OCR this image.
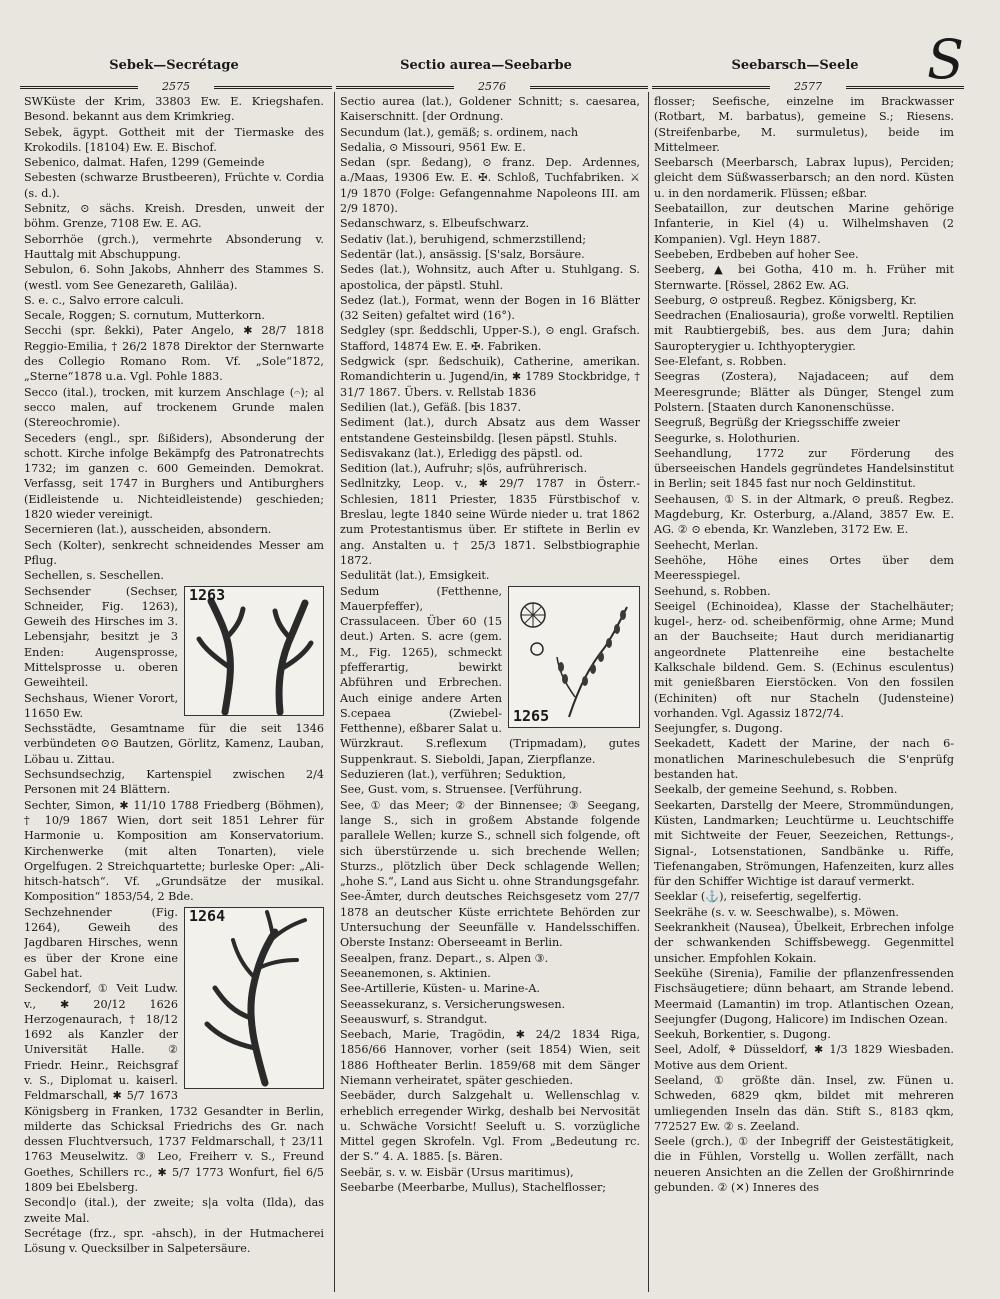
Sebek—Secrétage	Sectio aurea—Seebarbe	Seebarsch—Seele	S
2575	2576	2577

SWKüste der Krim, 33803 Ew. E. Kriegshafen. Besond. bekannt aus dem Krimkrieg.

Sebek, ägypt. Gottheit mit der Tiermaske des Krokodils. [18104) Ew. E. Bischof.

Sebenico, dalmat. Hafen, 1299 (Gemeinde

Sebesten (schwarze Brustbeeren), Früchte v. Cordia (s. d.).

Sebnitz, ⊙ sächs. Kreish. Dresden, unweit der böhm. Grenze, 7108 Ew. E. AG.

Seborrhöe (grch.), vermehrte Absonderung v. Hauttalg mit Abschuppung.

Sebulon, 6. Sohn Jakobs, Ahnherr des Stammes S.(westl. vom See Genezareth, Galiläa).

S. e. c., Salvo errore calculi.

Secale, Roggen; S. cornutum, Mutterkorn.

Secchi (spr. ßekki), Pater Angelo, ✱ 28/7 1818 Reggio-Emilia, † 26/2 1878 Direktor der Sternwarte des Collegio Romano Rom. Vf. „Sole“1872, „Sterne“1878 u.a. Vgl. Pohle 1883.

Secco (ital.), trocken, mit kurzem Anschlage (𝄐); al secco malen, auf trockenem Grunde malen (Stereochromie).

Seceders (engl., spr. ßißiders), Absonderung der schott. Kirche infolge Bekämpfg des Patronatrechts 1732; im ganzen c. 600 Gemeinden. Demokrat. Verfassg, seit 1747 in Burghers und Antiburghers (Eidleistende u. Nichteidleistende) geschieden; 1820 wieder vereinigt.

Secernieren (lat.), ausscheiden, absondern.

Sech (Kolter), senkrecht schneidendes Messer am Pflug.

Sechellen, s. Seschellen.

1263

Sechsender (Sechser, Schneider, Fig. 1263), Geweih des Hirsches im 3. Lebensjahr, besitzt je 3 Enden: Augensprosse, Mittelsprosse u. oberen Geweihteil.

Sechshaus, Wiener Vorort, 11650 Ew.

Sechsstädte, Gesamtname für die seit 1346 verbündeten ⊙⊙ Bautzen, Görlitz, Kamenz, Lauban, Löbau u. Zittau.

Sechsundsechzig, Kartenspiel zwischen 2/4 Personen mit 24 Blättern.

Sechter, Simon, ✱ 11/10 1788 Friedberg (Böhmen), † 10/9 1867 Wien, dort seit 1851 Lehrer für Harmonie u. Komposition am Konservatorium. Kirchenwerke (mit alten Tonarten), viele Orgelfugen. 2 Streichquartette; burleske Oper: „Ali-hitsch-hatsch“. Vf. „Grundsätze der musikal. Komposition“ 1853/54, 2 Bde.

1264

Sechzehnender (Fig. 1264), Geweih des Jagdbaren Hirsches, wenn es über der Krone eine Gabel hat.

Seckendorf, ① Veit Ludw. v., ✱ 20/12 1626 Herzogenaurach, † 18/12 1692 als Kanzler der Universität Halle. ② Friedr. Heinr., Reichsgraf v. S., Diplomat u. kaiserl. Feldmarschall, ✱ 5/7 1673 Königsberg in Franken, 1732 Gesandter in Berlin, milderte das Schicksal Friedrichs des Gr. nach dessen Fluchtversuch, 1737 Feldmarschall, † 23/11 1763 Meuselwitz. ③ Leo, Freiherr v. S., Freund Goethes, Schillers rc., ✱ 5/7 1773 Wonfurt, fiel 6/5 1809 bei Ebelsberg.

Second|o (ital.), der zweite; s|a volta (Ilda), das zweite Mal.

Secrétage (frz., spr. -ahsch), in der Hutmacherei Lösung v. Quecksilber in Salpetersäure.

Sectio aurea (lat.), Goldener Schnitt; s. caesarea, Kaiserschnitt. [der Ordnung.

Secundum (lat.), gemäß; s. ordinem, nach

Sedalia, ⊙ Missouri, 9561 Ew. E.

Sedan (spr. ßedang), ⊙ franz. Dep. Ardennes, a./Maas, 19306 Ew. E. ✠. Schloß, Tuchfabriken. ⚔ 1/9 1870 (Folge: Gefangennahme Napoleons III. am 2/9 1870).

Sedanschwarz, s. Elbeufschwarz.

Sedativ (lat.), beruhigend, schmerzstillend;

Sedentär (lat.), ansässig. [S'salz, Borsäure.

Sedes (lat.), Wohnsitz, auch After u. Stuhlgang. S. apostolica, der päpstl. Stuhl.

Sedez (lat.), Format, wenn der Bogen in 16 Blätter (32 Seiten) gefaltet wird (16°).

Sedgley (spr. ßeddschli, Upper-S.), ⊙ engl. Grafsch. Stafford, 14874 Ew. E. ✠. Fabriken.

Sedgwick (spr. ßedschuik), Catherine, amerikan. Romandichterin u. Jugend/in, ✱ 1789 Stockbridge, † 31/7 1867. Übers. v. Rellstab 1836

Sedilien (lat.), Gefäß. [bis 1837.

Sediment (lat.), durch Absatz aus dem Wasser entstandene Gesteinsbildg. [lesen päpstl. Stuhls.

Sedisvakanz (lat.), Erledigg des päpstl. od.

Sedition (lat.), Aufruhr; s|ös, aufrührerisch.

Sedlnitzky, Leop. v., ✱ 29/7 1787 in Österr.-Schlesien, 1811 Priester, 1835 Fürstbischof v. Breslau, legte 1840 seine Würde nieder u. trat 1862 zum Protestantismus über. Er stiftete in Berlin ev ang. Anstalten u. † 25/3 1871. Selbstbiographie 1872.

Sedulität (lat.), Emsigkeit.

1265

Sedum (Fetthenne, Mauerpfeffer), Crassulaceen. Über 60 (15 deut.) Arten. S. acre (gem. M., Fig. 1265), schmeckt pfefferartig, bewirkt Abführen und Erbrechen. Auch einige andere Arten S.cepaea (Zwiebel-Fetthenne), eßbarer Salat u. Würzkraut. S.reflexum (Tripmadam), gutes Suppenkraut. S. Sieboldi, Japan, Zierpflanze.

Seduzieren (lat.), verführen; Seduktion,

See, Gust. vom, s. Struensee. [Verführung.

See, ① das Meer; ② der Binnensee; ③ Seegang, lange S., sich in großem Abstande folgende parallele Wellen; kurze S., schnell sich folgende, oft sich überstürzende u. sich brechende Wellen; Sturzs., plötzlich über Deck schlagende Wellen; „hohe S.“, Land aus Sicht u. ohne Strandungsgefahr.

See-Ämter, durch deutsches Reichsgesetz vom 27/7 1878 an deutscher Küste errichtete Behörden zur Untersuchung der Seeunfälle v. Handelsschiffen. Oberste Instanz: Oberseeamt in Berlin.

Seealpen, franz. Depart., s. Alpen ③.

Seeanemonen, s. Aktinien.

See-Artillerie, Küsten- u. Marine-A.

Seeassekuranz, s. Versicherungswesen.

Seeauswurf, s. Strandgut.

Seebach, Marie, Tragödin, ✱ 24/2 1834 Riga, 1856/66 Hannover, vorher (seit 1854) Wien, seit 1886 Hoftheater Berlin. 1859/68 mit dem Sänger Niemann verheiratet, später geschieden.

Seebäder, durch Salzgehalt u. Wellenschlag v. erheblich erregender Wirkg, deshalb bei Nervosität u. Schwäche Vorsicht! Seeluft u. S. vorzügliche Mittel gegen Skrofeln. Vgl. From „Bedeutung rc. der S.“ 4. A. 1885. [s. Bären.

Seebär, s. v. w. Eisbär (Ursus maritimus),

Seebarbe (Meerbarbe, Mullus), Stachelflosser;

flosser; Seefische, einzelne im Brackwasser (Rotbart, M. barbatus), gemeine S.; Riesens. (Streifenbarbe, M. surmuletus), beide im Mittelmeer.

Seebarsch (Meerbarsch, Labrax lupus), Perciden; gleicht dem Süßwasserbarsch; an den nord. Küsten u. in den nordamerik. Flüssen; eßbar.

Seebataillon, zur deutschen Marine gehörige Infanterie, in Kiel (4) u. Wilhelmshaven (2 Kompanien). Vgl. Heyn 1887.

Seebeben, Erdbeben auf hoher See.

Seeberg, ▲ bei Gotha, 410 m. h. Früher mit Sternwarte. [Rössel, 2862 Ew. AG.

Seeburg, ⊙ ostpreuß. Regbez. Königsberg, Kr.

Seedrachen (Enaliosauria), große vorweltl. Reptilien mit Raubtiergebiß, bes. aus dem Jura; dahin Sauropterygier u. Ichthyopterygier.

See-Elefant, s. Robben.

Seegras (Zostera), Najadaceen; auf dem Meeresgrunde; Blätter als Dünger, Stengel zum Polstern. [Staaten durch Kanonenschüsse.

Seegruß, Begrüßg der Kriegsschiffe zweier

Seegurke, s. Holothurien.

Seehandlung, 1772 zur Förderung des überseeischen Handels gegründetes Handelsinstitut in Berlin; seit 1845 fast nur noch Geldinstitut.

Seehausen, ① S. in der Altmark, ⊙ preuß. Regbez. Magdeburg, Kr. Osterburg, a./Aland, 3857 Ew. E. AG. ② ⊙ ebenda, Kr. Wanzleben, 3172 Ew. E.

Seehecht, Merlan.

Seehöhe, Höhe eines Ortes über dem Meeresspiegel.

Seehund, s. Robben.

Seeigel (Echinoidea), Klasse der Stachelhäuter; kugel-, herz- od. scheibenförmig, ohne Arme; Mund an der Bauchseite; Haut durch meridianartig angeordnete Plattenreihe eine bestachelte Kalkschale bildend. Gem. S. (Echinus esculentus) mit genießbaren Eierstöcken. Von den fossilen (Echiniten) oft nur Stacheln (Judensteine) vorhanden. Vgl. Agassiz 1872/74.

Seejungfer, s. Dugong.

Seekadett, Kadett der Marine, der nach 6-monatlichen Marineschulebesuch die S'enprüfg bestanden hat.

Seekalb, der gemeine Seehund, s. Robben.

Seekarten, Darstellg der Meere, Strommündungen, Küsten, Landmarken; Leuchtürme u. Leuchtschiffe mit Sichtweite der Feuer, Seezeichen, Rettungs-, Signal-, Lotsenstationen, Sandbänke u. Riffe, Tiefenangaben, Strömungen, Hafenzeiten, kurz alles für den Schiffer Wichtige ist darauf vermerkt.

Seeklar (⚓), reisefertig, segelfertig.

Seekrähe (s. v. w. Seeschwalbe), s. Möwen.

Seekrankheit (Nausea), Übelkeit, Erbrechen infolge der schwankenden Schiffsbewegg. Gegenmittel unsicher. Empfohlen Kokain.

Seekühe (Sirenia), Familie der pflanzenfressenden Fischsäugetiere; dünn behaart, am Strande lebend. Meermaid (Lamantin) im trop. Atlantischen Ozean, Seejungfer (Dugong, Halicore) im Indischen Ozean.

Seekuh, Borkentier, s. Dugong.

Seel, Adolf, ⚘ Düsseldorf, ✱ 1/3 1829 Wiesbaden. Motive aus dem Orient.

Seeland, ① größte dän. Insel, zw. Fünen u. Schweden, 6829 qkm, bildet mit mehreren umliegenden Inseln das dän. Stift S., 8183 qkm, 772527 Ew. ② s. Zeeland.

Seele (grch.), ① der Inbegriff der Geistestätigkeit, die in Fühlen, Vorstellg u. Wollen zerfällt, nach neueren Ansichten an die Zellen der Großhirnrinde gebunden. ② (✕) Inneres des
